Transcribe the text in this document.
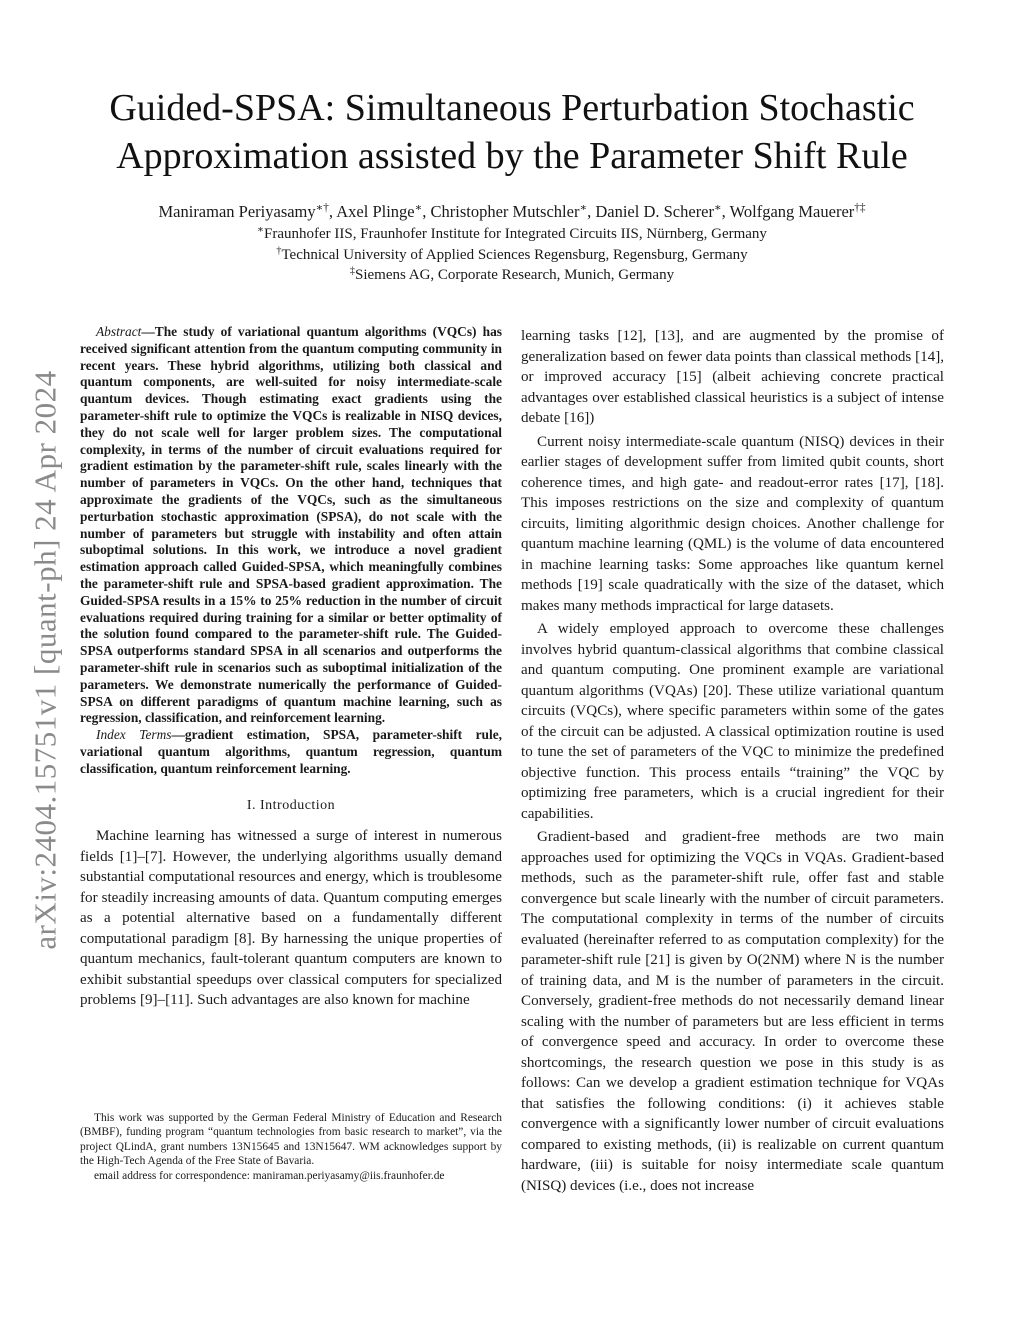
arXiv:2404.15751v1 [quant-ph] 24 Apr 2024
Guided-SPSA: Simultaneous Perturbation Stochastic
Approximation assisted by the Parameter Shift Rule
Maniraman Periyasamy∗†, Axel Plinge∗, Christopher Mutschler∗, Daniel D. Scherer∗, Wolfgang Mauerer†‡
∗Fraunhofer IIS, Fraunhofer Institute for Integrated Circuits IIS, Nürnberg, Germany
†Technical University of Applied Sciences Regensburg, Regensburg, Germany
‡Siemens AG, Corporate Research, Munich, Germany

Abstract—The study of variational quantum algorithms (VQCs) has received significant attention from the quantum computing community in recent years. These hybrid algorithms, utilizing both classical and quantum components, are well-suited for noisy intermediate-scale quantum devices. Though estimating exact gradients using the parameter-shift rule to optimize the VQCs is realizable in NISQ devices, they do not scale well for larger problem sizes. The computational complexity, in terms of the number of circuit evaluations required for gradient estimation by the parameter-shift rule, scales linearly with the number of parameters in VQCs. On the other hand, techniques that approximate the gradients of the VQCs, such as the simultaneous perturbation stochastic approximation (SPSA), do not scale with the number of parameters but struggle with instability and often attain suboptimal solutions. In this work, we introduce a novel gradient estimation approach called Guided-SPSA, which meaningfully combines the parameter-shift rule and SPSA-based gradient approximation. The Guided-SPSA results in a 15% to 25% reduction in the number of circuit evaluations required during training for a similar or better optimality of the solution found compared to the parameter-shift rule. The Guided-SPSA outperforms standard SPSA in all scenarios and outperforms the parameter-shift rule in scenarios such as suboptimal initialization of the parameters. We demonstrate numerically the performance of Guided-SPSA on different paradigms of quantum machine learning, such as regression, classification, and reinforcement learning.

Index Terms—gradient estimation, SPSA, parameter-shift rule, variational quantum algorithms, quantum regression, quantum classification, quantum reinforcement learning.

I. Introduction

Machine learning has witnessed a surge of interest in numerous fields [1]–[7]. However, the underlying algorithms usually demand substantial computational resources and energy, which is troublesome for steadily increasing amounts of data. Quantum computing emerges as a potential alternative based on a fundamentally different computational paradigm [8]. By harnessing the unique properties of quantum mechanics, fault-tolerant quantum computers are known to exhibit substantial speedups over classical computers for specialized problems [9]–[11]. Such advantages are also known for machine

This work was supported by the German Federal Ministry of Education and Research (BMBF), funding program “quantum technologies from basic research to market”, via the project QLindA, grant numbers 13N15645 and 13N15647. WM acknowledges support by the High-Tech Agenda of the Free State of Bavaria.

email address for correspondence: maniraman.periyasamy@iis.fraunhofer.de

learning tasks [12], [13], and are augmented by the promise of generalization based on fewer data points than classical methods [14], or improved accuracy [15] (albeit achieving concrete practical advantages over established classical heuristics is a subject of intense debate [16])

Current noisy intermediate-scale quantum (NISQ) devices in their earlier stages of development suffer from limited qubit counts, short coherence times, and high gate- and readout-error rates [17], [18]. This imposes restrictions on the size and complexity of quantum circuits, limiting algorithmic design choices. Another challenge for quantum machine learning (QML) is the volume of data encountered in machine learning tasks: Some approaches like quantum kernel methods [19] scale quadratically with the size of the dataset, which makes many methods impractical for large datasets.

A widely employed approach to overcome these challenges involves hybrid quantum-classical algorithms that combine classical and quantum computing. One prominent example are variational quantum algorithms (VQAs) [20]. These utilize variational quantum circuits (VQCs), where specific parameters within some of the gates of the circuit can be adjusted. A classical optimization routine is used to tune the set of parameters of the VQC to minimize the predefined objective function. This process entails “training” the VQC by optimizing free parameters, which is a crucial ingredient for their capabilities.

Gradient-based and gradient-free methods are two main approaches used for optimizing the VQCs in VQAs. Gradient-based methods, such as the parameter-shift rule, offer fast and stable convergence but scale linearly with the number of circuit parameters. The computational complexity in terms of the number of circuits evaluated (hereinafter referred to as computation complexity) for the parameter-shift rule [21] is given by O(2NM) where N is the number of training data, and M is the number of parameters in the circuit. Conversely, gradient-free methods do not necessarily demand linear scaling with the number of parameters but are less efficient in terms of convergence speed and accuracy. In order to overcome these shortcomings, the research question we pose in this study is as follows: Can we develop a gradient estimation technique for VQAs that satisfies the following conditions: (i) it achieves stable convergence with a significantly lower number of circuit evaluations compared to existing methods, (ii) is realizable on current quantum hardware, (iii) is suitable for noisy intermediate scale quantum (NISQ) devices (i.e., does not increase
